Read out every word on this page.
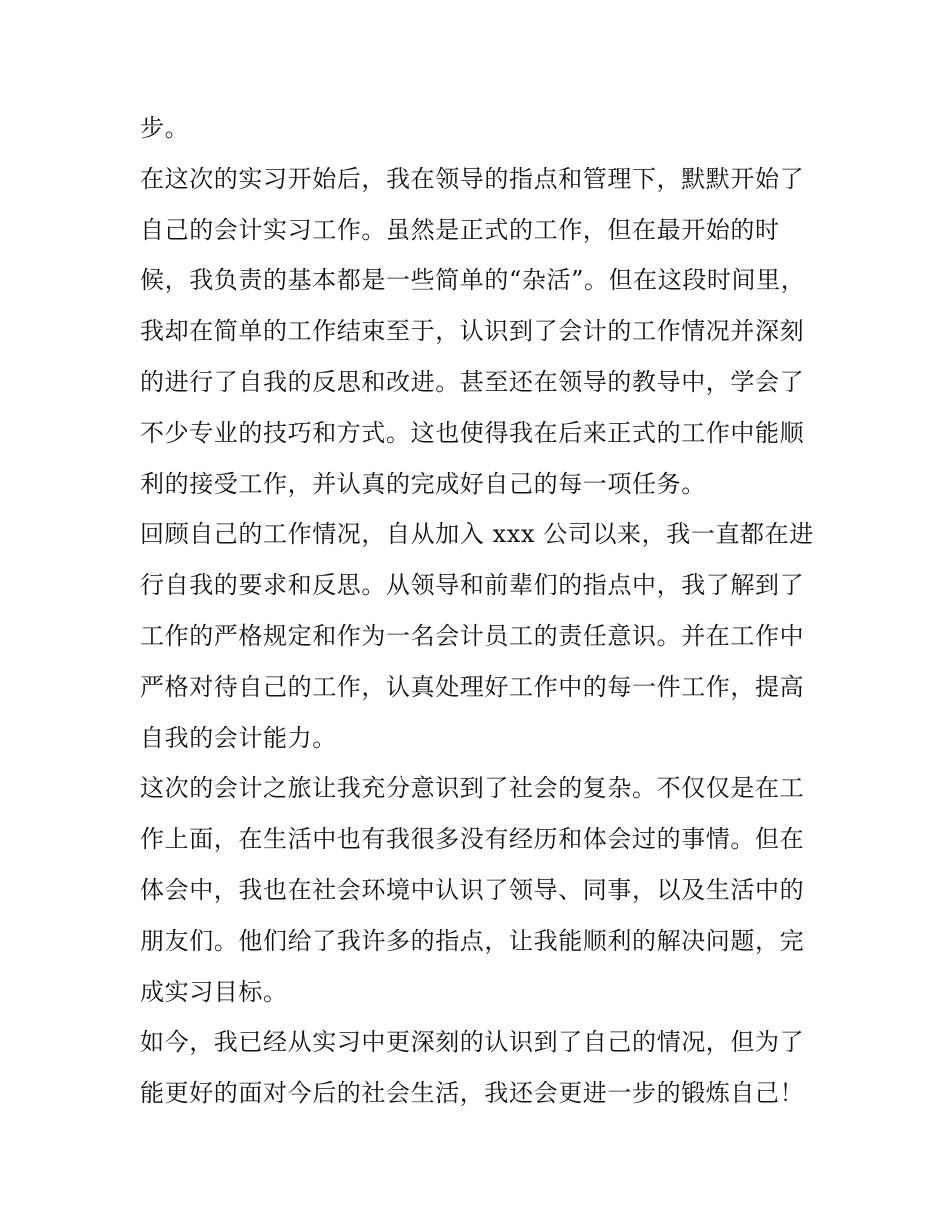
步。
在这次的实习开始后，我在领导的指点和管理下，默默开始了
自己的会计实习工作。虽然是正式的工作，但在最开始的时
候，我负责的基本都是一些简单的“杂活”。但在这段时间里，
我却在简单的工作结束至于，认识到了会计的工作情况并深刻
的进行了自我的反思和改进。甚至还在领导的教导中，学会了
不少专业的技巧和方式。这也使得我在后来正式的工作中能顺
利的接受工作，并认真的完成好自己的每一项任务。
回顾自己的工作情况，自从加入 xxx 公司以来，我一直都在进
行自我的要求和反思。从领导和前辈们的指点中，我了解到了
工作的严格规定和作为一名会计员工的责任意识。并在工作中
严格对待自己的工作，认真处理好工作中的每一件工作，提高
自我的会计能力。
这次的会计之旅让我充分意识到了社会的复杂。不仅仅是在工
作上面，在生活中也有我很多没有经历和体会过的事情。但在
体会中，我也在社会环境中认识了领导、同事，以及生活中的
朋友们。他们给了我许多的指点，让我能顺利的解决问题，完
成实习目标。
如今，我已经从实习中更深刻的认识到了自己的情况，但为了
能更好的面对今后的社会生活，我还会更进一步的锻炼自己！
